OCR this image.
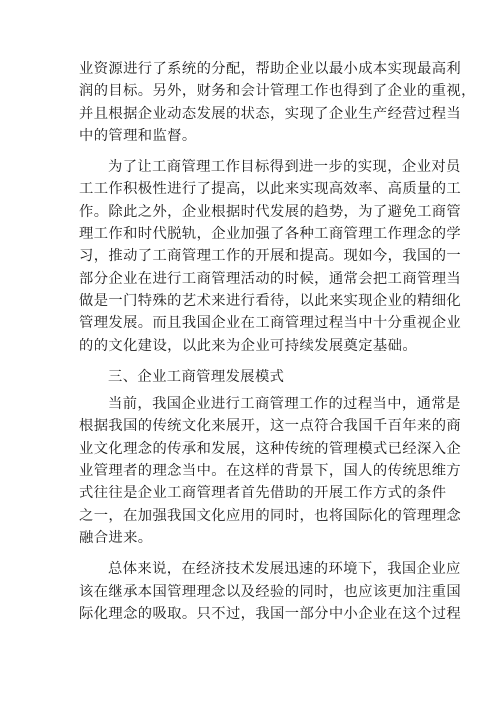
业资源进行了系统的分配，帮助企业以最小成本实现最高利
润的目标。另外，财务和会计管理工作也得到了企业的重视，
并且根据企业动态发展的状态，实现了企业生产经营过程当
中的管理和监督。
为了让工商管理工作目标得到进一步的实现，企业对员
工工作积极性进行了提高，以此来实现高效率、高质量的工
作。除此之外，企业根据时代发展的趋势，为了避免工商管
理工作和时代脱轨，企业加强了各种工商管理工作理念的学
习，推动了工商管理工作的开展和提高。现如今，我国的一
部分企业在进行工商管理活动的时候，通常会把工商管理当
做是一门特殊的艺术来进行看待，以此来实现企业的精细化
管理发展。而且我国企业在工商管理过程当中十分重视企业
的的文化建设，以此来为企业可持续发展奠定基础。
三、企业工商管理发展模式
当前，我国企业进行工商管理工作的过程当中，通常是
根据我国的传统文化来展开，这一点符合我国千百年来的商
业文化理念的传承和发展，这种传统的管理模式已经深入企
业管理者的理念当中。在这样的背景下，国人的传统思维方
式往往是企业工商管理者首先借助的开展工作方式的条件
之一，在加强我国文化应用的同时，也将国际化的管理理念
融合进来。
总体来说，在经济技术发展迅速的环境下，我国企业应
该在继承本国管理理念以及经验的同时，也应该更加注重国
际化理念的吸取。只不过，我国一部分中小企业在这个过程
